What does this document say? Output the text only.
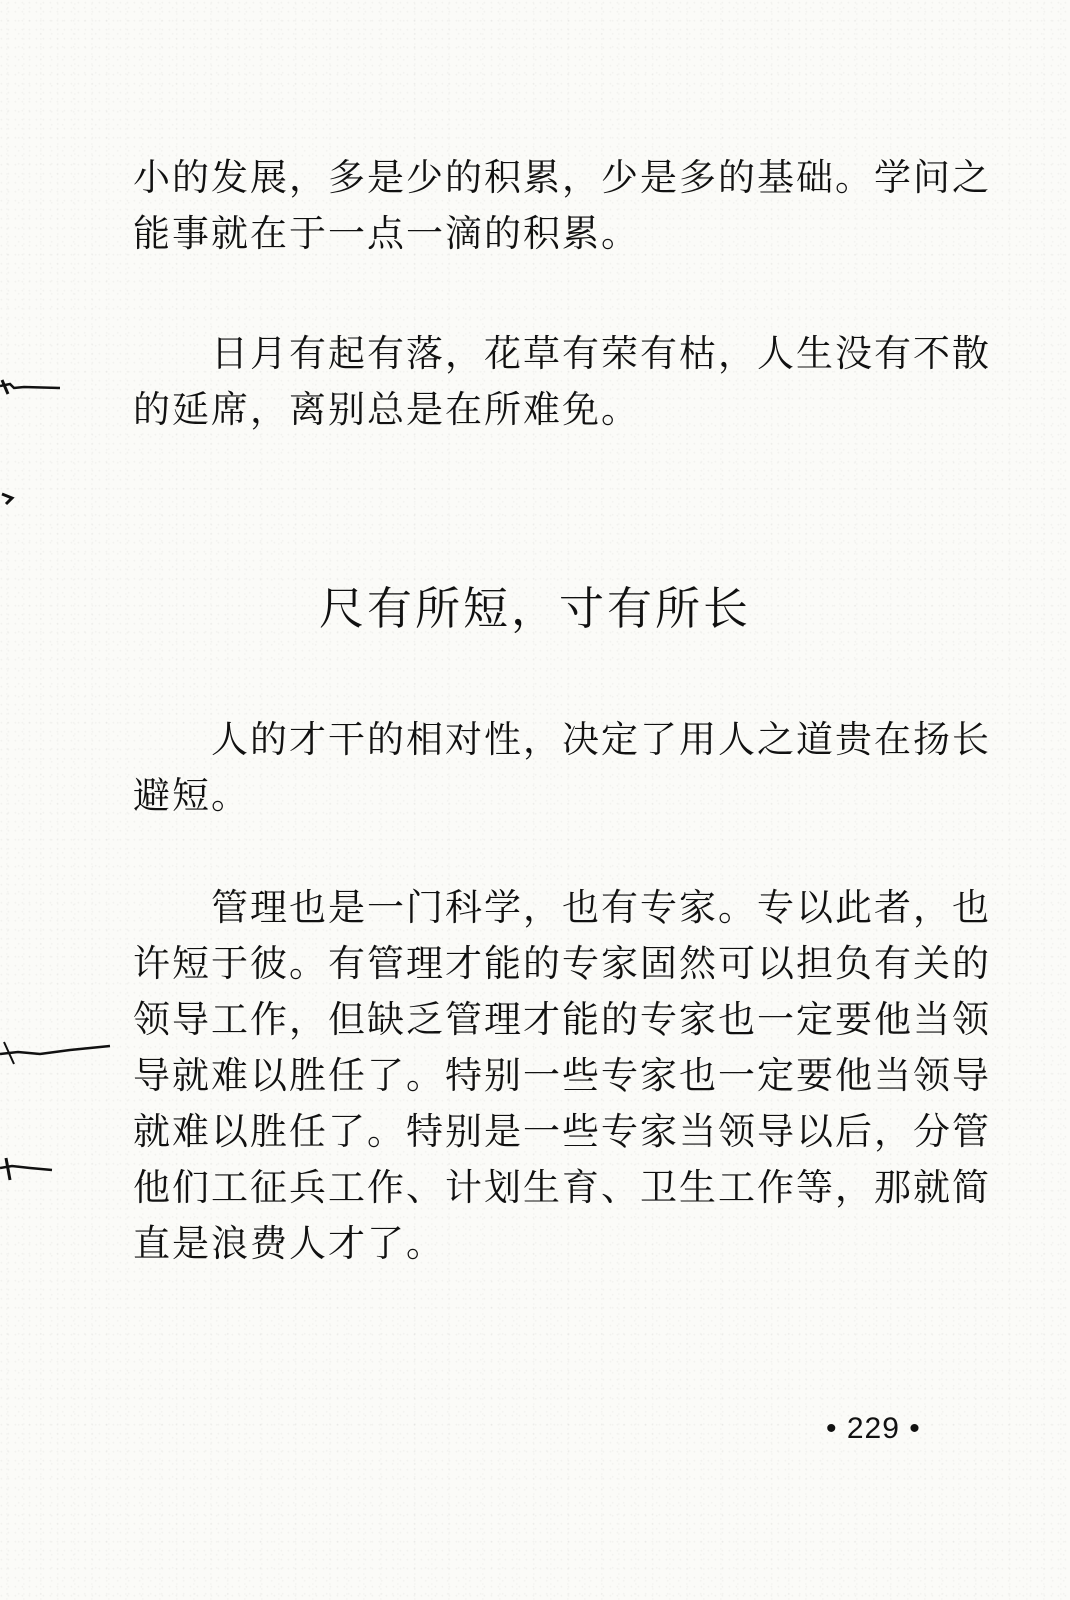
小的发展，多是少的积累，少是多的基础。学问之
能事就在于一点一滴的积累。
　　日月有起有落，花草有荣有枯，人生没有不散
的延席，离别总是在所难免。
尺有所短，寸有所长
　　人的才干的相对性，决定了用人之道贵在扬长
避短。
　　管理也是一门科学，也有专家。专以此者，也
许短于彼。有管理才能的专家固然可以担负有关的
领导工作，但缺乏管理才能的专家也一定要他当领
导就难以胜任了。特别一些专家也一定要他当领导
就难以胜任了。特别是一些专家当领导以后，分管
他们工征兵工作、计划生育、卫生工作等，那就简
直是浪费人才了。
• 229 •
